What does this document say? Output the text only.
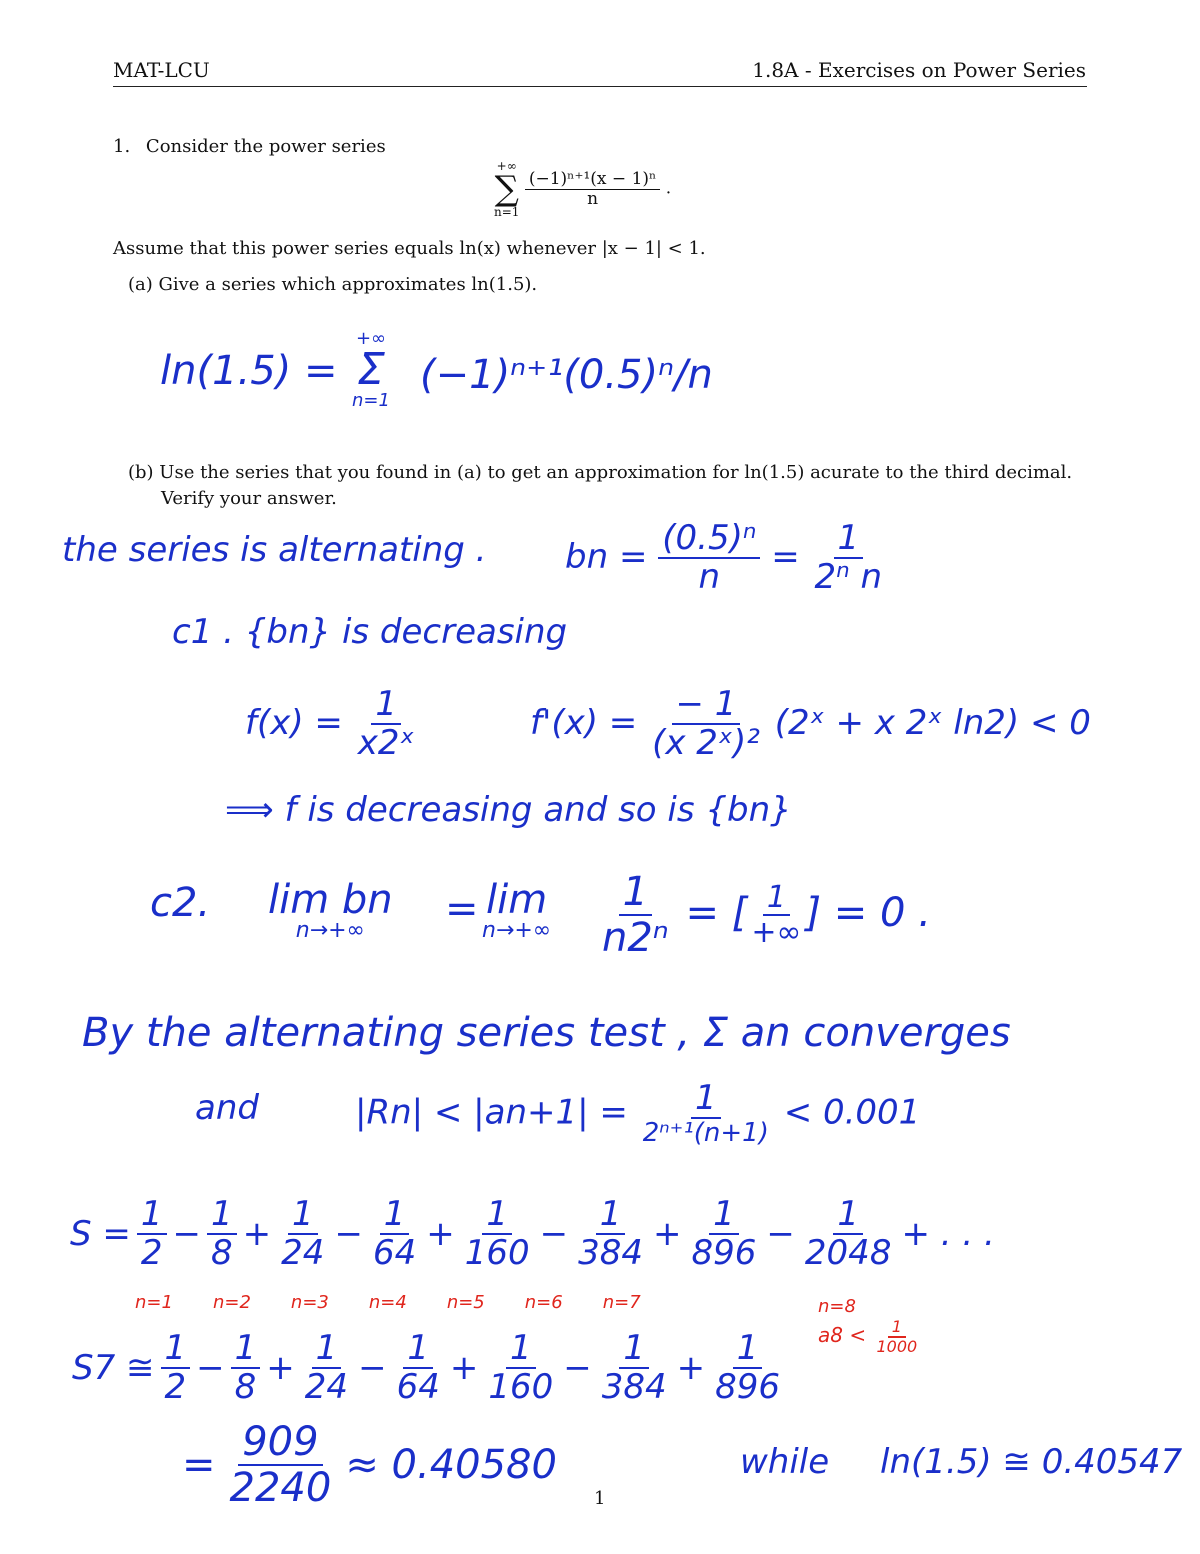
MAT-LCU	1.8A - Exercises on Power Series
1. Consider the power series
+∞
∑
n=1

$\frac{\text{(−1)ⁿ⁺¹(x − 1)ⁿ}}{n}$ .
Assume that this power series equals ln(x) whenever |x − 1| < 1.
(a) Give a series which approximates ln(1.5).
ln(1.5) =
+∞
Σ
n=1
(−1)ⁿ⁺¹(0.5)ⁿ/n
(b) Use the series that you found in (a) to get an approximation for ln(1.5) acurate to the third decimal.
Verify your answer.
the series is alternating . bn = $\frac{\text{(0.5)ⁿ}}{n} = \frac{1}{\text{2ⁿ n}}$
c1 . {bn} is decreasing
$f(x) = \frac{1}{\text{x2ˣ}}$	$f'(x) = \frac{- 1}{\text{(x 2ˣ)²}}$ (2ˣ + x 2ˣ ln2) < 0
⟹ f is decreasing and so is {bn}
c2. lim bn
n→+∞ = lim
$n\to+\infty \frac{1}{\text{n2ⁿ}}$ = [ $\frac{1}{+\infty}$ ] = 0 .
By the alternating series test , Σ an converges
and	$|Rn| < |an+1| = \frac{1}{\text{2ⁿ⁺¹(n+1)}} < 0.001$
$S = \frac{1}{2} - \frac{1}{8} + \frac{1}{24} - \frac{1}{64} + \frac{1}{160} - \frac{1}{384} + \frac{1}{896} - \frac{1}{2048}$ + . . .
n=1 n=2 n=3 n=4 n=5 n=6 n=7	n=8
$a8 < \frac{1}{1000}$
S7 ≅ $\frac{1}{2} - \frac{1}{8} + \frac{1}{24} - \frac{1}{64} + \frac{1}{160} - \frac{1}{384} + \frac{1}{896}$
= $\frac{909}{2240} \approx 0.40580$	while ln(1.5) ≅ 0.40547
1
